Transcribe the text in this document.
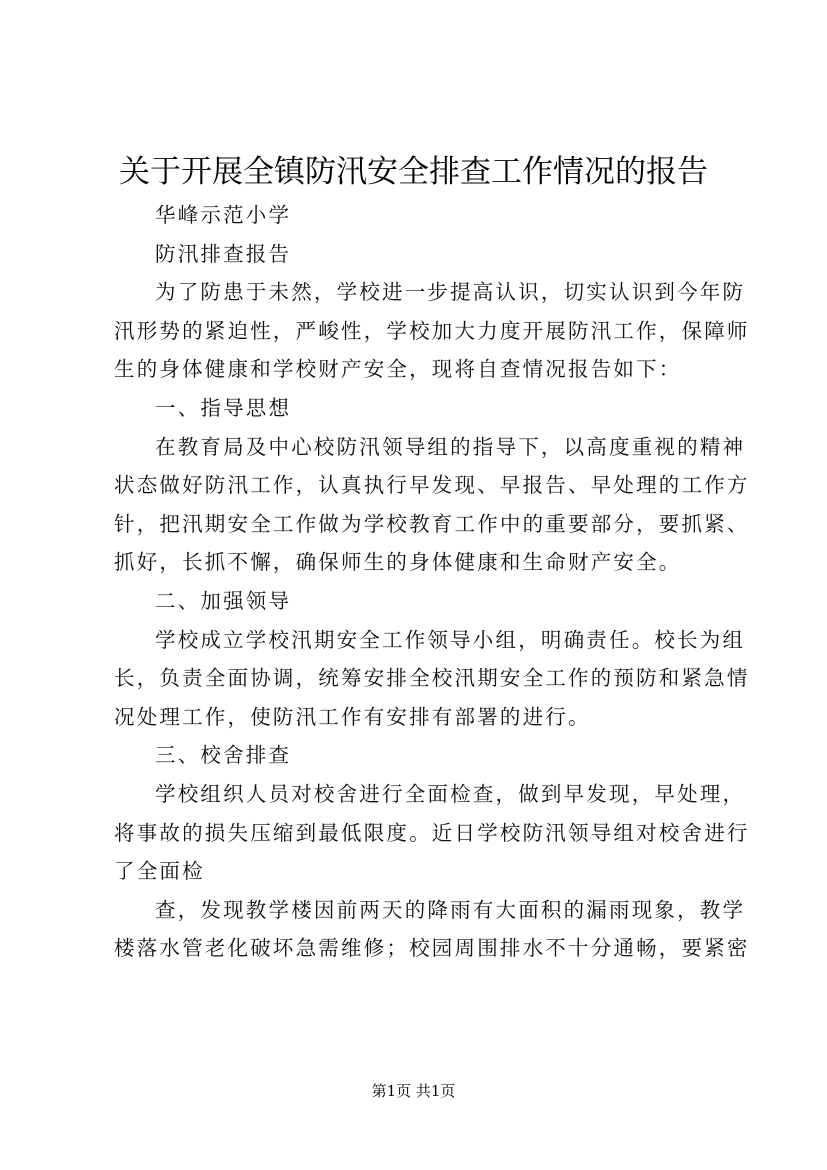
关于开展全镇防汛安全排查工作情况的报告
华峰示范小学
防汛排查报告
为了防患于未然，学校进一步提高认识，切实认识到今年防
汛形势的紧迫性，严峻性，学校加大力度开展防汛工作，保障师
生的身体健康和学校财产安全，现将自查情况报告如下：
一、指导思想
在教育局及中心校防汛领导组的指导下，以高度重视的精神
状态做好防汛工作，认真执行早发现、早报告、早处理的工作方
针，把汛期安全工作做为学校教育工作中的重要部分，要抓紧、
抓好，长抓不懈，确保师生的身体健康和生命财产安全。
二、加强领导
学校成立学校汛期安全工作领导小组，明确责任。校长为组
长，负责全面协调，统筹安排全校汛期安全工作的预防和紧急情
况处理工作，使防汛工作有安排有部署的进行。
三、校舍排查
学校组织人员对校舍进行全面检查，做到早发现，早处理，
将事故的损失压缩到最低限度。近日学校防汛领导组对校舍进行
了全面检
查，发现教学楼因前两天的降雨有大面积的漏雨现象，教学
楼落水管老化破坏急需维修；校园周围排水不十分通畅，要紧密
第1页 共1页
